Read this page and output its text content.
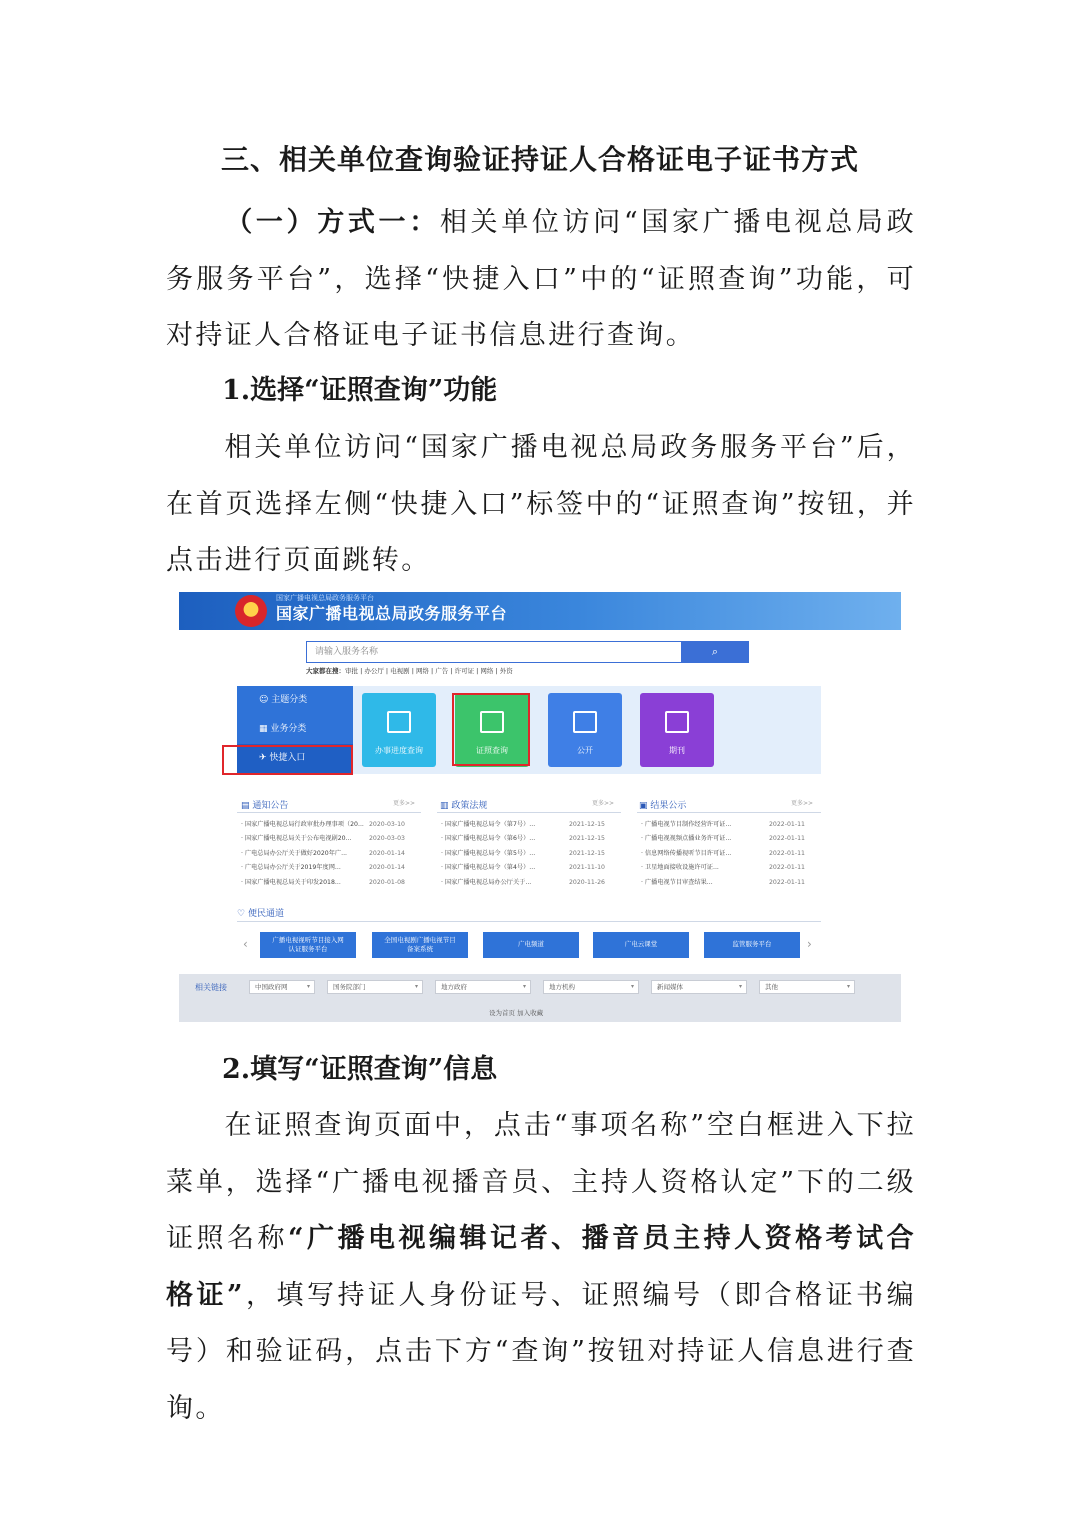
三、相关单位查询验证持证人合格证电子证书方式
（一）方式一：相关单位访问“国家广播电视总局政务服务平台”，选择“快捷入口”中的“证照查询”功能，可对持证人合格证电子证书信息进行查询。
1.选择“证照查询”功能
相关单位访问“国家广播电视总局政务服务平台”后，在首页选择左侧“快捷入口”标签中的“证照查询”按钮，并点击进行页面跳转。
国家广播电视总局政务服务平台
国家广播电视总局政务服务平台
请输入服务名称	⌕
大家都在搜：审批 | 办公厅 | 电视剧 | 网络 | 广告 | 许可证 | 网络 | 外资
☺ 主题分类
▦ 业务分类
✈ 快捷入口
办事进度查询	证照查询	公开	期刊
▤ 通知公告	更多>>	▥ 政策法规	更多>>	▣ 结果公示	更多>>
· 国家广播电视总局行政审批办理事项（20... 2020-03-10
· 国家广播电视总局关于公布电视剧20...	2020-03-03
· 广电总局办公厅关于做好2020年广...	2020-01-14
· 广电总局办公厅关于2019年度网...	2020-01-14
· 国家广播电视总局关于印发2018...	2020-01-08
· 国家广播电视总局令（第7号）...	2021-12-15
· 国家广播电视总局令（第6号）...	2021-12-15
· 国家广播电视总局令（第5号）...	2021-12-15
· 国家广播电视总局令（第4号）...	2021-11-10
· 国家广播电视总局办公厅关于...	2020-11-26
· 广播电视节目制作经营许可证...	2022-01-11
· 广播电视视频点播业务许可证...	2022-01-11
· 信息网络传播视听节目许可证...	2022-01-11
· 卫星地面接收设施许可证...	2022-01-11
· 广播电视节目审查结果...	2022-01-11
♡ 便民通道
‹	›
广播电视视听节目接入网
认证服务平台
全国电视剧广播电视节目
备案系统
广电频道	广电云课堂	监管服务平台
相关链接	中国政府网	▾	国务院部门	▾	地方政府	▾	地方机构	▾	新闻媒体	▾	其他	▾
设为首页 加入收藏
2.填写“证照查询”信息
在证照查询页面中，点击“事项名称”空白框进入下拉菜单，选择“广播电视播音员、主持人资格认定”下的二级证照名称“广播电视编辑记者、播音员主持人资格考试合格证”，填写持证人身份证号、证照编号（即合格证书编号）和验证码，点击下方“查询”按钮对持证人信息进行查询。
